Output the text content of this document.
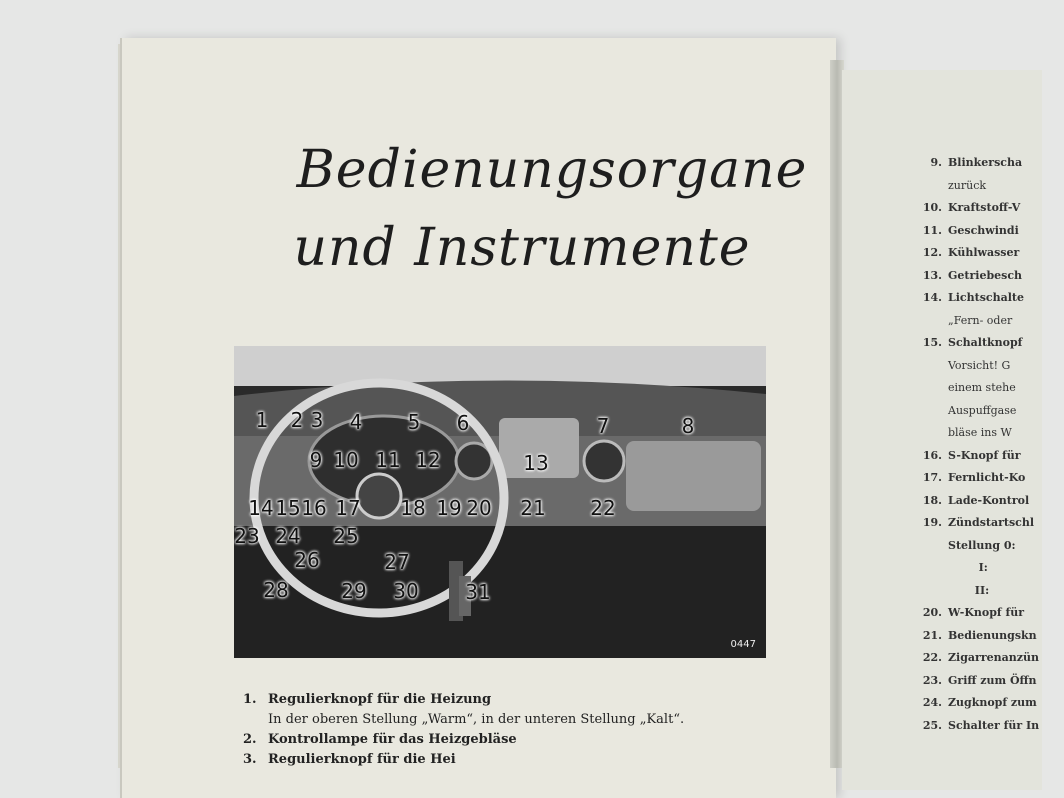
Bedienungsorgane
und Instrumente
1 2 3 4 5 6	7	8
9 10 11 12	13
14 15 16 17 18 19 20 21 22
23 24 25
26	27
28	29 30 31
0447
1. Regulierknopf für die Heizung
In der oberen Stellung „Warm“, in der unteren Stellung „Kalt“.
2. Kontrollampe für das Heizgebläse
3. Regulierknopf für die Hei
9. Blinkerscha
zurück
10. Kraftstoff-V
11. Geschwindi
12. Kühlwasser
13. Getriebesch
14. Lichtschalte
„Fern- oder
15. Schaltknopf
Vorsicht! G
einem stehe
Auspuffgase
bläse ins W
16. S-Knopf für
17. Fernlicht-Ko
18. Lade-Kontrol
19. Zündstartschl
Stellung 0:
I:
II:
20. W-Knopf für
21. Bedienungskn
22. Zigarrenanzün
23. Griff zum Öffn
24. Zugknopf zum
25. Schalter für In
